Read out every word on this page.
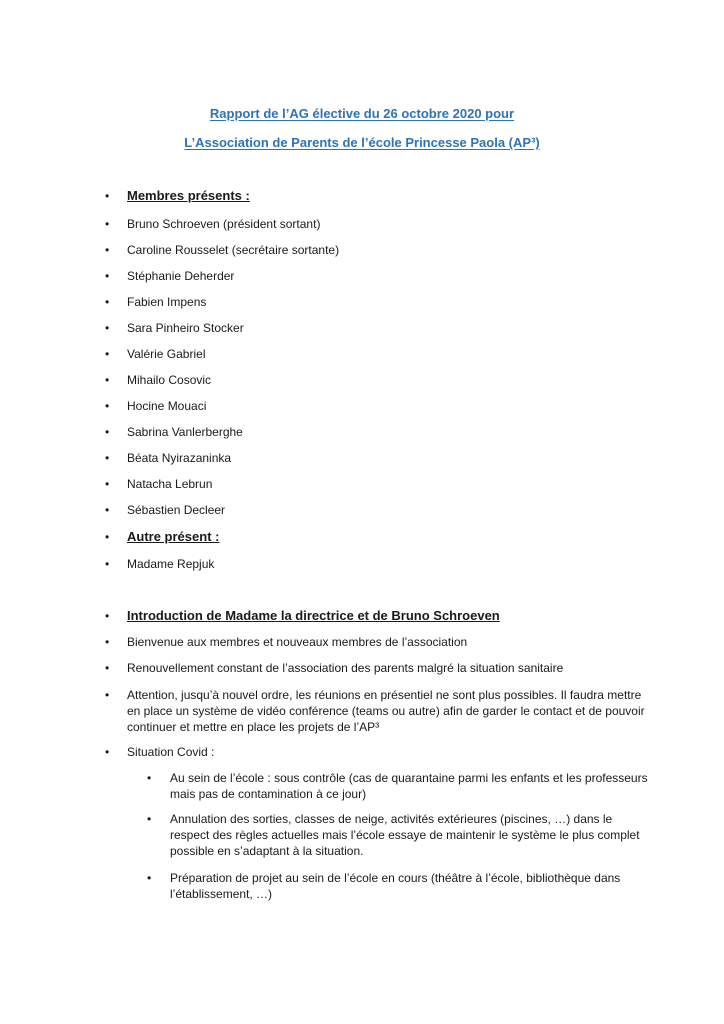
Rapport de l’AG élective du 26 octobre 2020 pour
L’Association de Parents de l’école Princesse Paola (AP³)
• Membres présents :
• Bruno Schroeven (président sortant)
• Caroline Rousselet (secrétaire sortante)
• Stéphanie Deherder
• Fabien Impens
• Sara Pinheiro Stocker
• Valérie Gabriel
• Mihailo Cosovic
• Hocine Mouaci
• Sabrina Vanlerberghe
• Béata Nyirazaninka
• Natacha Lebrun
• Sébastien Decleer
• Autre présent :
• Madame Repjuk
• Introduction de Madame la directrice et de Bruno Schroeven
• Bienvenue aux membres et nouveaux membres de l’association
• Renouvellement constant de l’association des parents malgré la situation sanitaire
• Attention, jusqu’à nouvel ordre, les réunions en présentiel ne sont plus possibles. Il faudra mettre en place un système de vidéo conférence (teams ou autre) afin de garder le contact et de pouvoir continuer et mettre en place les projets de l’AP³
• Situation Covid :
• Au sein de l’école : sous contrôle (cas de quarantaine parmi les enfants et les professeurs mais pas de contamination à ce jour)
• Annulation des sorties, classes de neige, activités extérieures (piscines, …) dans le respect des règles actuelles mais l’école essaye de maintenir le système le plus complet possible en s’adaptant à la situation.
• Préparation de projet au sein de l’école en cours (théâtre à l’école, bibliothèque dans l’établissement, …)
